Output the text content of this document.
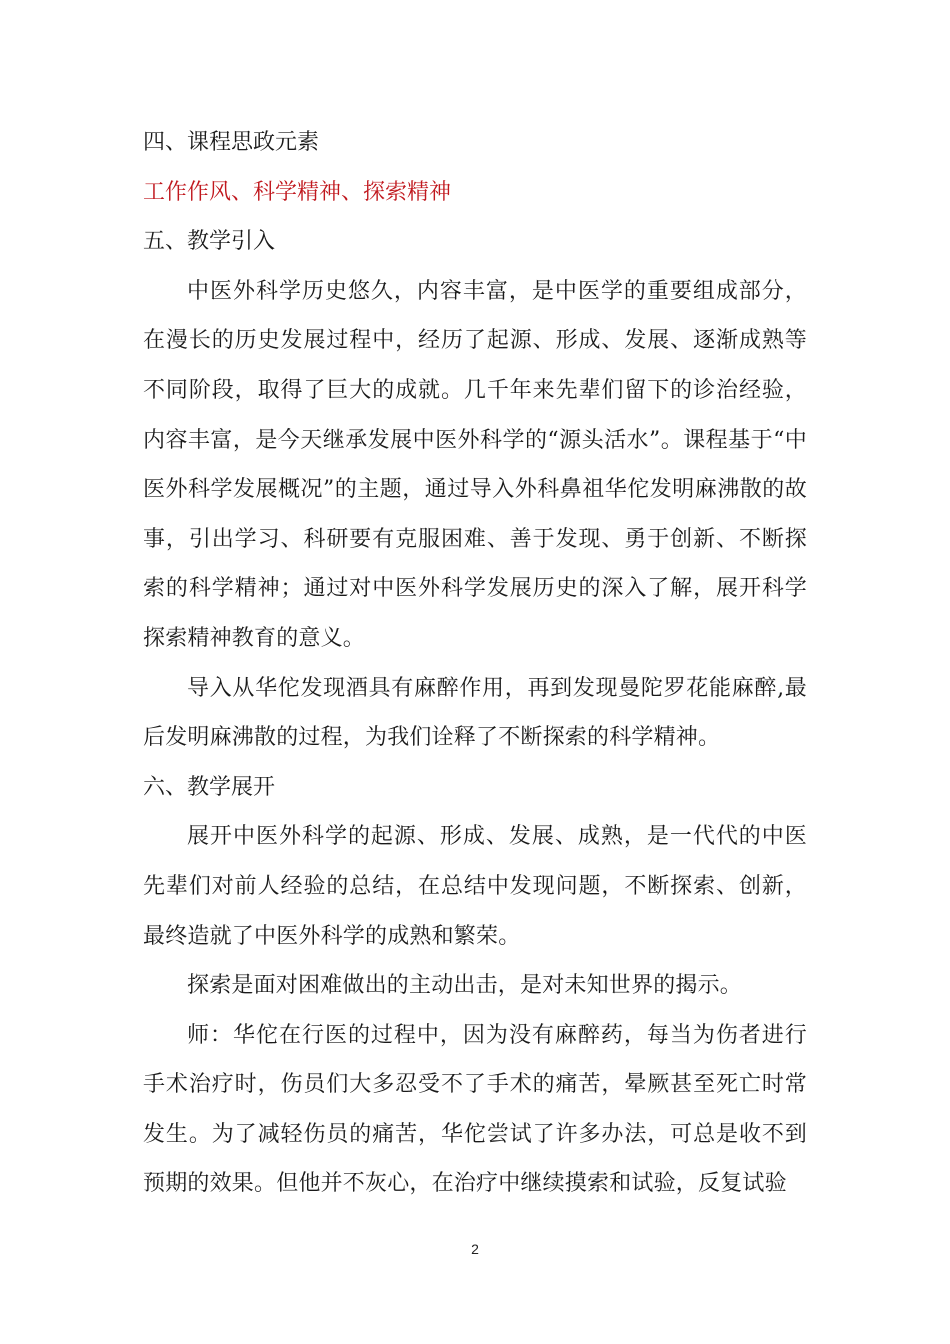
四、课程思政元素
工作作风、科学精神、探索精神
五、教学引入

中医外科学历史悠久，内容丰富，是中医学的重要组成部分，在漫长的历史发展过程中，经历了起源、形成、发展、逐渐成熟等不同阶段，取得了巨大的成就。几千年来先辈们留下的诊治经验，内容丰富，是今天继承发展中医外科学的“源头活水”。课程基于“中医外科学发展概况”的主题，通过导入外科鼻祖华佗发明麻沸散的故事，引出学习、科研要有克服困难、善于发现、勇于创新、不断探索的科学精神；通过对中医外科学发展历史的深入了解，展开科学探索精神教育的意义。

导入从华佗发现酒具有麻醉作用，再到发现曼陀罗花能麻醉,最后发明麻沸散的过程，为我们诠释了不断探索的科学精神。

六、教学展开

展开中医外科学的起源、形成、发展、成熟，是一代代的中医先辈们对前人经验的总结，在总结中发现问题，不断探索、创新，最终造就了中医外科学的成熟和繁荣。

探索是面对困难做出的主动出击，是对未知世界的揭示。

师：华佗在行医的过程中，因为没有麻醉药，每当为伤者进行手术治疗时，伤员们大多忍受不了手术的痛苦，晕厥甚至死亡时常发生。为了减轻伤员的痛苦，华佗尝试了许多办法，可总是收不到预期的效果。但他并不灰心，在治疗中继续摸索和试验，反复试验

2
